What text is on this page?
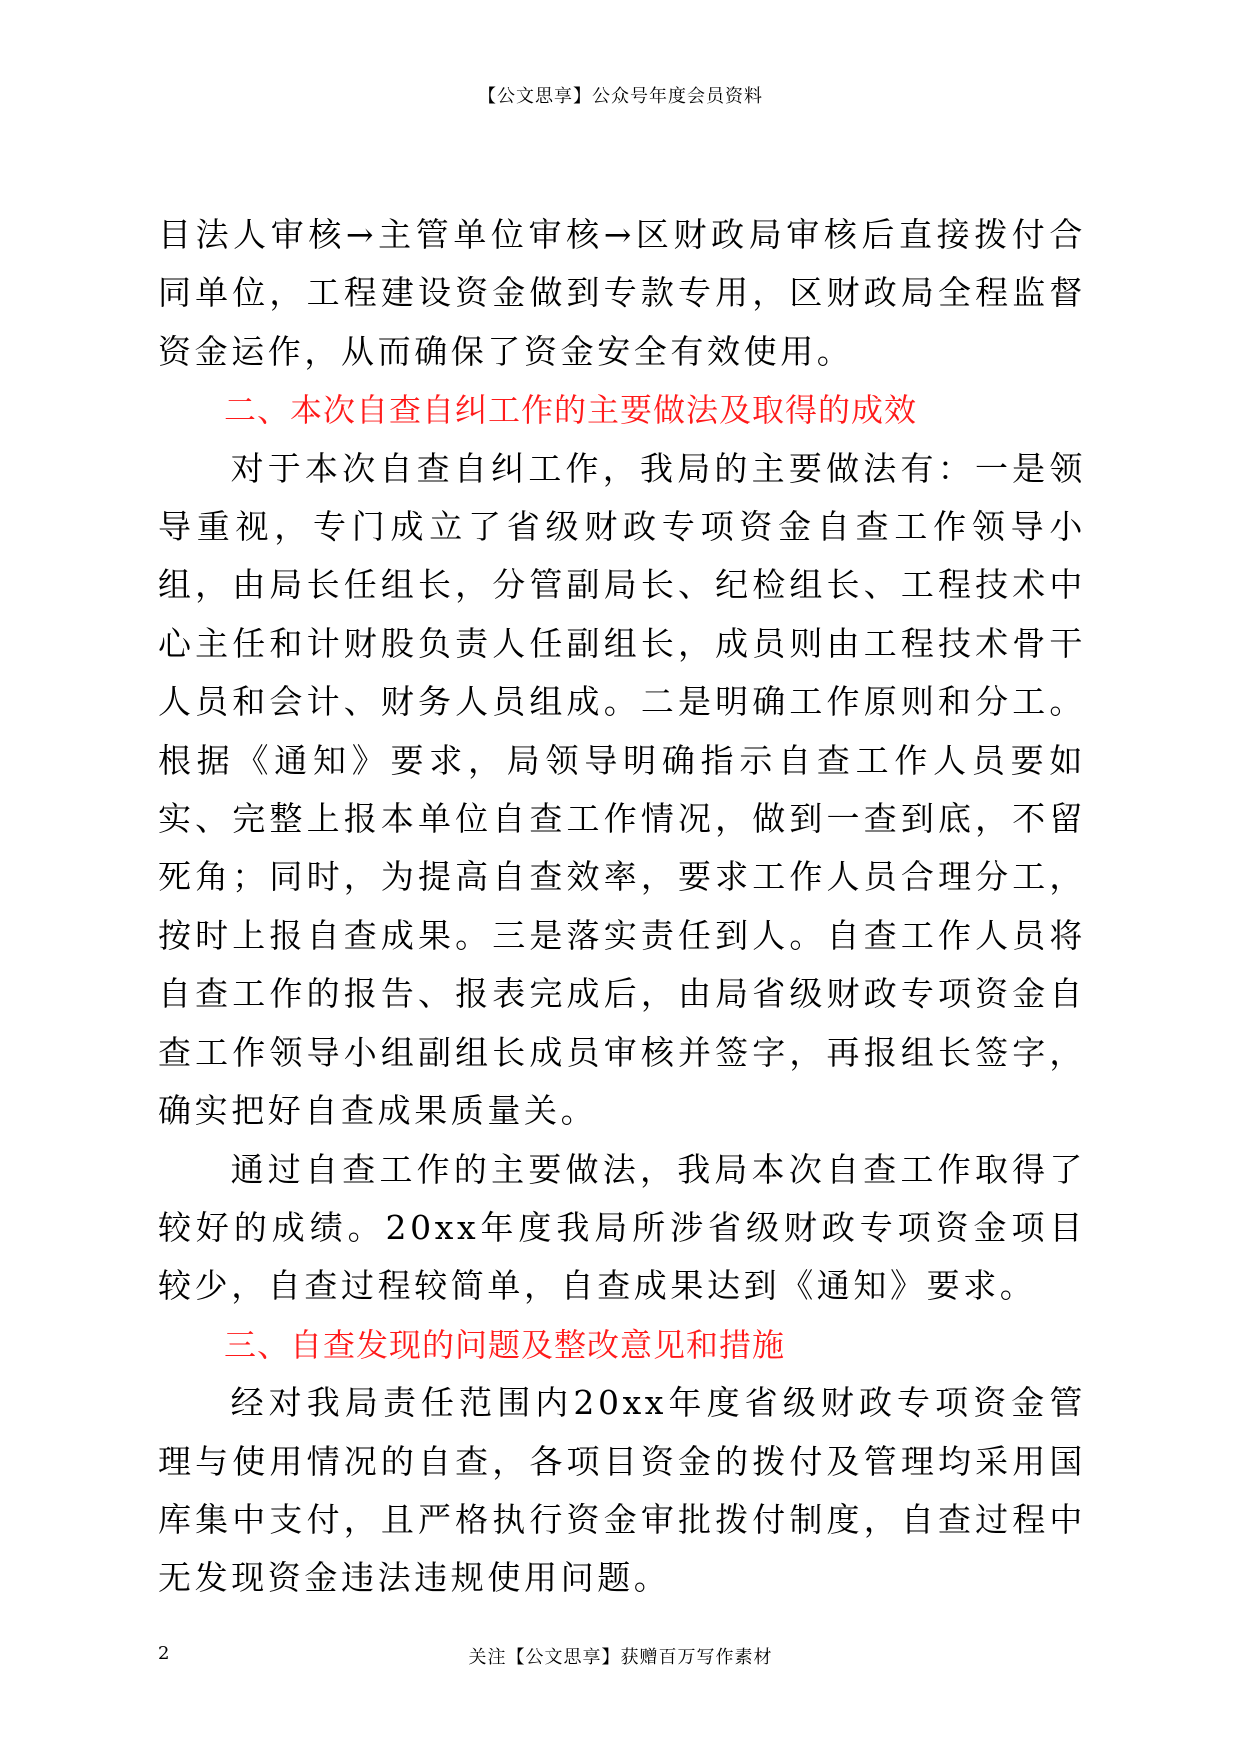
【公文思享】公众号年度会员资料

目法人审核→主管单位审核→区财政局审核后直接拨付合同单位，工程建设资金做到专款专用，区财政局全程监督资金运作，从而确保了资金安全有效使用。

二、本次自查自纠工作的主要做法及取得的成效

对于本次自查自纠工作，我局的主要做法有：一是领导重视，专门成立了省级财政专项资金自查工作领导小组，由局长任组长，分管副局长、纪检组长、工程技术中心主任和计财股负责人任副组长，成员则由工程技术骨干人员和会计、财务人员组成。二是明确工作原则和分工。根据《通知》要求，局领导明确指示自查工作人员要如实、完整上报本单位自查工作情况，做到一查到底，不留死角；同时，为提高自查效率，要求工作人员合理分工，按时上报自查成果。三是落实责任到人。自查工作人员将自查工作的报告、报表完成后，由局省级财政专项资金自查工作领导小组副组长成员审核并签字，再报组长签字，确实把好自查成果质量关。

通过自查工作的主要做法，我局本次自查工作取得了较好的成绩。20xx年度我局所涉省级财政专项资金项目较少，自查过程较简单，自查成果达到《通知》要求。

三、自查发现的问题及整改意见和措施

经对我局责任范围内20xx年度省级财政专项资金管理与使用情况的自查，各项目资金的拨付及管理均采用国库集中支付，且严格执行资金审批拨付制度，自查过程中无发现资金违法违规使用问题。

2	关注【公文思享】获赠百万写作素材
